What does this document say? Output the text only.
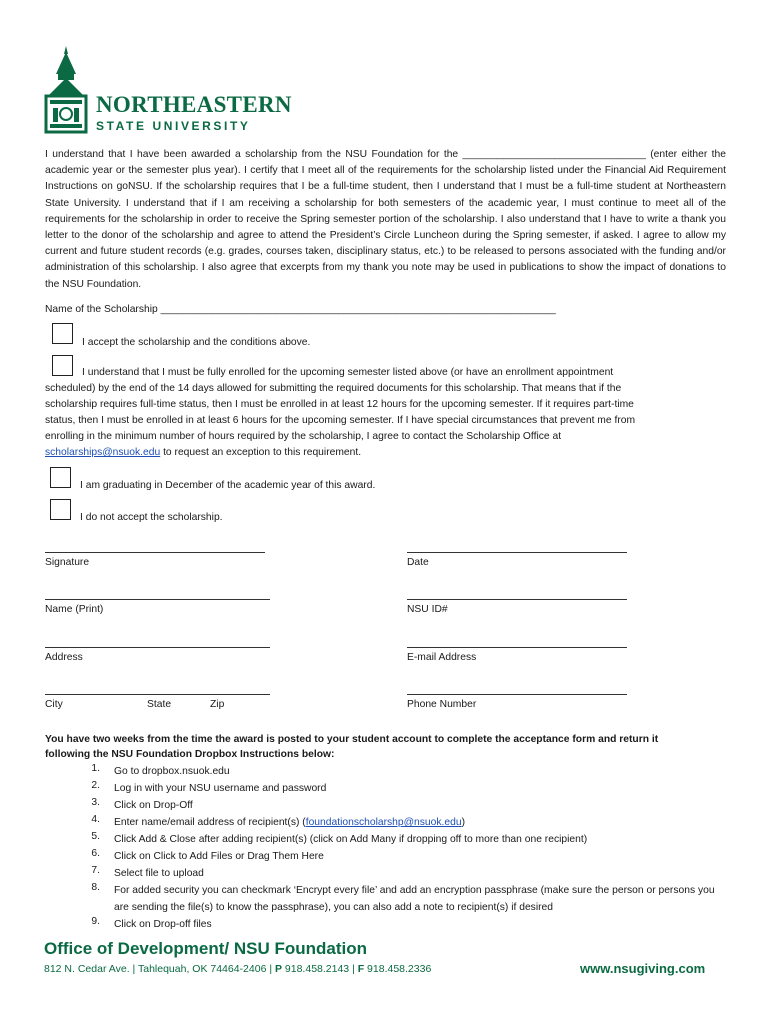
NORTHEASTERN
STATE UNIVERSITY
I understand that I have been awarded a scholarship from the NSU Foundation for the ________________________________ (enter either the academic year or the semester plus year). I certify that I meet all of the requirements for the scholarship listed under the Financial Aid Requirement Instructions on goNSU. If the scholarship requires that I be a full-time student, then I understand that I must be a full-time student at Northeastern State University. I understand that if I am receiving a scholarship for both semesters of the academic year, I must continue to meet all of the requirements for the scholarship in order to receive the Spring semester portion of the scholarship. I also understand that I have to write a thank you letter to the donor of the scholarship and agree to attend the President’s Circle Luncheon during the Spring semester, if asked. I agree to allow my current and future student records (e.g. grades, courses taken, disciplinary status, etc.) to be released to persons associated with the funding and/or administration of this scholarship. I also agree that excerpts from my thank you note may be used in publications to show the impact of donations to the NSU Foundation.
Name of the Scholarship _____________________________________________________________________
I accept the scholarship and the conditions above.
I understand that I must be fully enrolled for the upcoming semester listed above (or have an enrollment appointment
scheduled) by the end of the 14 days allowed for submitting the required documents for this scholarship. That means that if the
scholarship requires full-time status, then I must be enrolled in at least 12 hours for the upcoming semester. If it requires part-time
status, then I must be enrolled in at least 6 hours for the upcoming semester. If I have special circumstances that prevent me from
enrolling in the minimum number of hours required by the scholarship, I agree to contact the Scholarship Office at
scholarships@nsuok.edu to request an exception to this requirement.
I am graduating in December of the academic year of this award.
I do not accept the scholarship.
Signature	Date
Name (Print)	NSU ID#
Address	E-mail Address
City	State	Zip	Phone Number
You have two weeks from the time the award is posted to your student account to complete the acceptance form and return it
following the NSU Foundation Dropbox Instructions below:
1. Go to dropbox.nsuok.edu
2. Log in with your NSU username and password
3. Click on Drop-Off
4. Enter name/email address of recipient(s) (foundationscholarshp@nsuok.edu)
5. Click Add & Close after adding recipient(s) (click on Add Many if dropping off to more than one recipient)
6. Click on Click to Add Files or Drag Them Here
7. Select file to upload
8. For added security you can checkmark ‘Encrypt every file’ and add an encryption passphrase (make sure the person or persons you are sending the file(s) to know the passphrase), you can also add a note to recipient(s) if desired
9. Click on Drop-off files
Office of Development/ NSU Foundation
812 N. Cedar Ave. | Tahlequah, OK 74464-2406 | P 918.458.2143 | F 918.458.2336	www.nsugiving.com
